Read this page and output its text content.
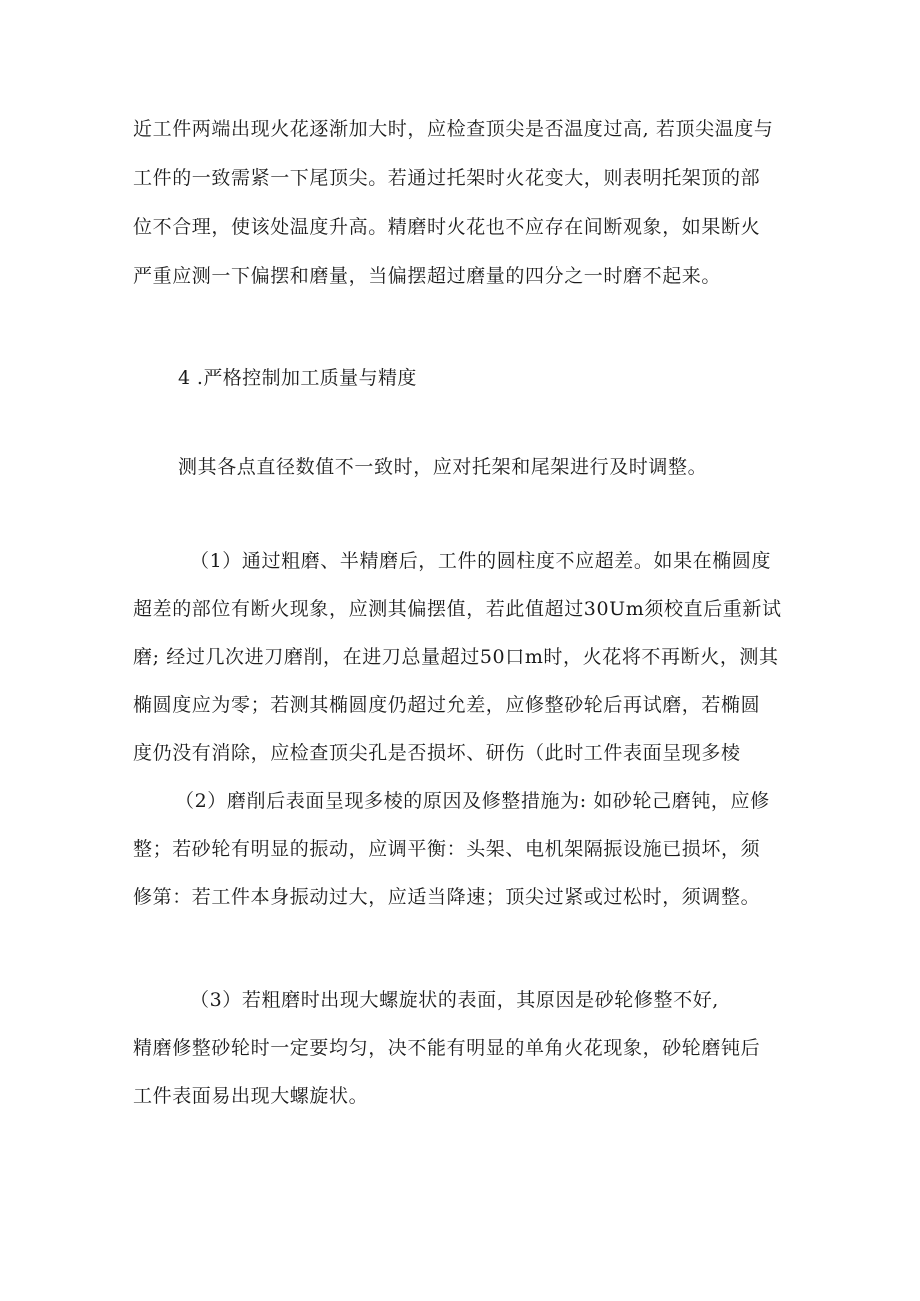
近工件两端出现火花逐渐加大时，应检查顶尖是否温度过高, 若顶尖温度与
工件的一致需紧一下尾顶尖。若通过托架时火花变大，则表明托架顶的部
位不合理，使该处温度升高。精磨时火花也不应存在间断观象，如果断火
严重应测一下偏摆和磨量，当偏摆超过磨量的四分之一时磨不起来。
4 .严格控制加工质量与精度
测其各点直径数值不一致时，应对托架和尾架进行及时调整。
（1）通过粗磨、半精磨后，工件的圆柱度不应超差。如果在椭圆度
超差的部位有断火现象，应测其偏摆值，若此值超过30Um须校直后重新试
磨; 经过几次进刀磨削，在进刀总量超过50口m时，火花将不再断火，测其
椭圆度应为零；若测其椭圆度仍超过允差，应修整砂轮后再试磨，若椭圆
度仍没有消除，应检查顶尖孔是否损坏、研伤（此时工件表面呈现多棱
（2）磨削后表面呈现多棱的原因及修整措施为: 如砂轮己磨钝，应修
整；若砂轮有明显的振动，应调平衡：头架、电机架隔振设施已损坏，须
修第：若工件本身振动过大，应适当降速；顶尖过紧或过松时，须调整。
（3）若粗磨时出现大螺旋状的表面，其原因是砂轮修整不好,
精磨修整砂轮时一定要均匀，决不能有明显的单角火花现象，砂轮磨钝后
工件表面易出现大螺旋状。
